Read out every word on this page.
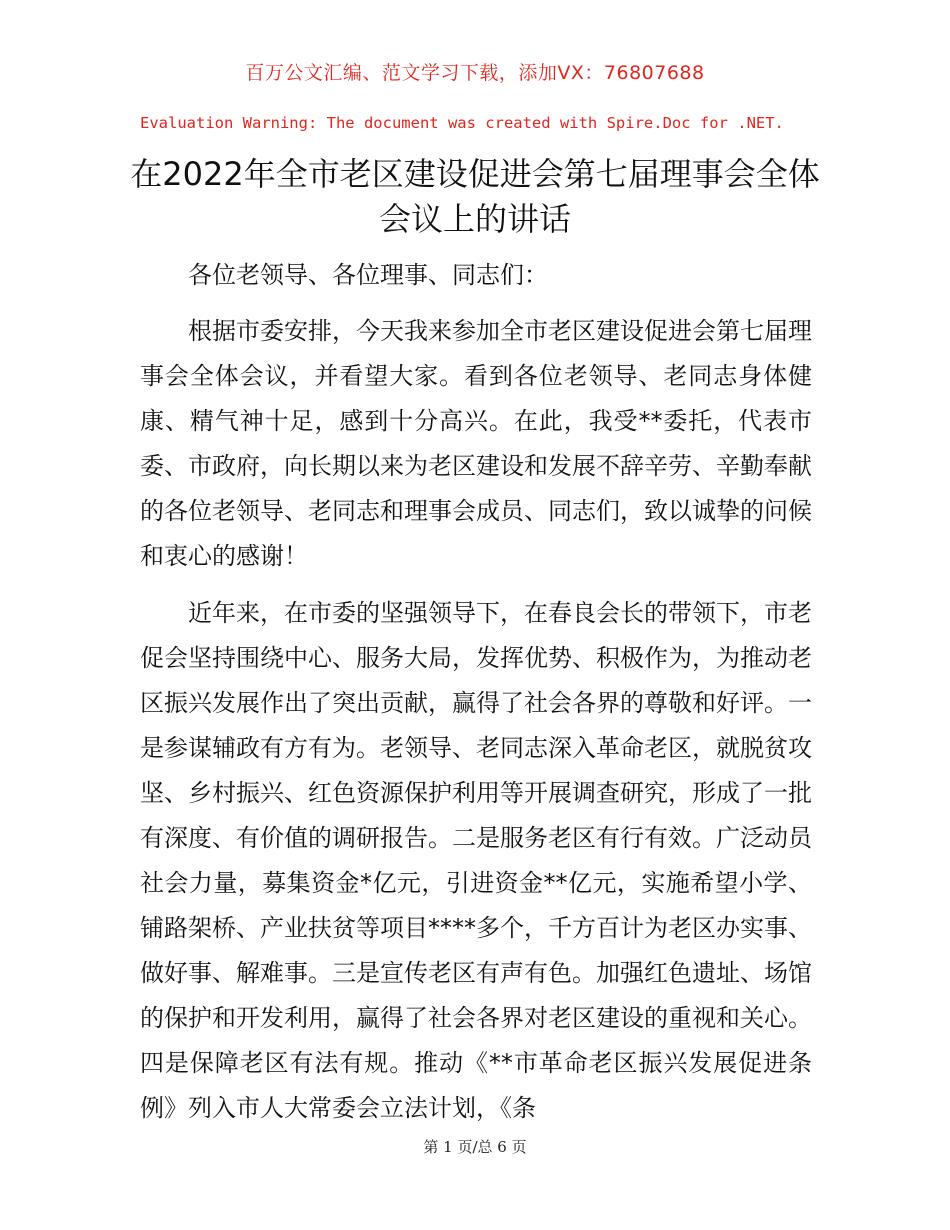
百万公文汇编、范文学习下载，添加VX：76807688
Evaluation Warning: The document was created with Spire.Doc for .NET.
在2022年全市老区建设促进会第七届理事会全体会议上的讲话

各位老领导、各位理事、同志们：

根据市委安排，今天我来参加全市老区建设促进会第七届理事会全体会议，并看望大家。看到各位老领导、老同志身体健康、精气神十足，感到十分高兴。在此，我受**委托，代表市委、市政府，向长期以来为老区建设和发展不辞辛劳、辛勤奉献的各位老领导、老同志和理事会成员、同志们，致以诚挚的问候和衷心的感谢！

近年来，在市委的坚强领导下，在春良会长的带领下，市老促会坚持围绕中心、服务大局，发挥优势、积极作为，为推动老区振兴发展作出了突出贡献，赢得了社会各界的尊敬和好评。一是参谋辅政有方有为。老领导、老同志深入革命老区，就脱贫攻坚、乡村振兴、红色资源保护利用等开展调查研究，形成了一批有深度、有价值的调研报告。二是服务老区有行有效。广泛动员社会力量，募集资金*亿元，引进资金**亿元，实施希望小学、铺路架桥、产业扶贫等项目****多个，千方百计为老区办实事、做好事、解难事。三是宣传老区有声有色。加强红色遗址、场馆的保护和开发利用，赢得了社会各界对老区建设的重视和关心。四是保障老区有法有规。推动《**市革命老区振兴发展促进条例》列入市人大常委会立法计划，《条

第 1 页/总 6 页
